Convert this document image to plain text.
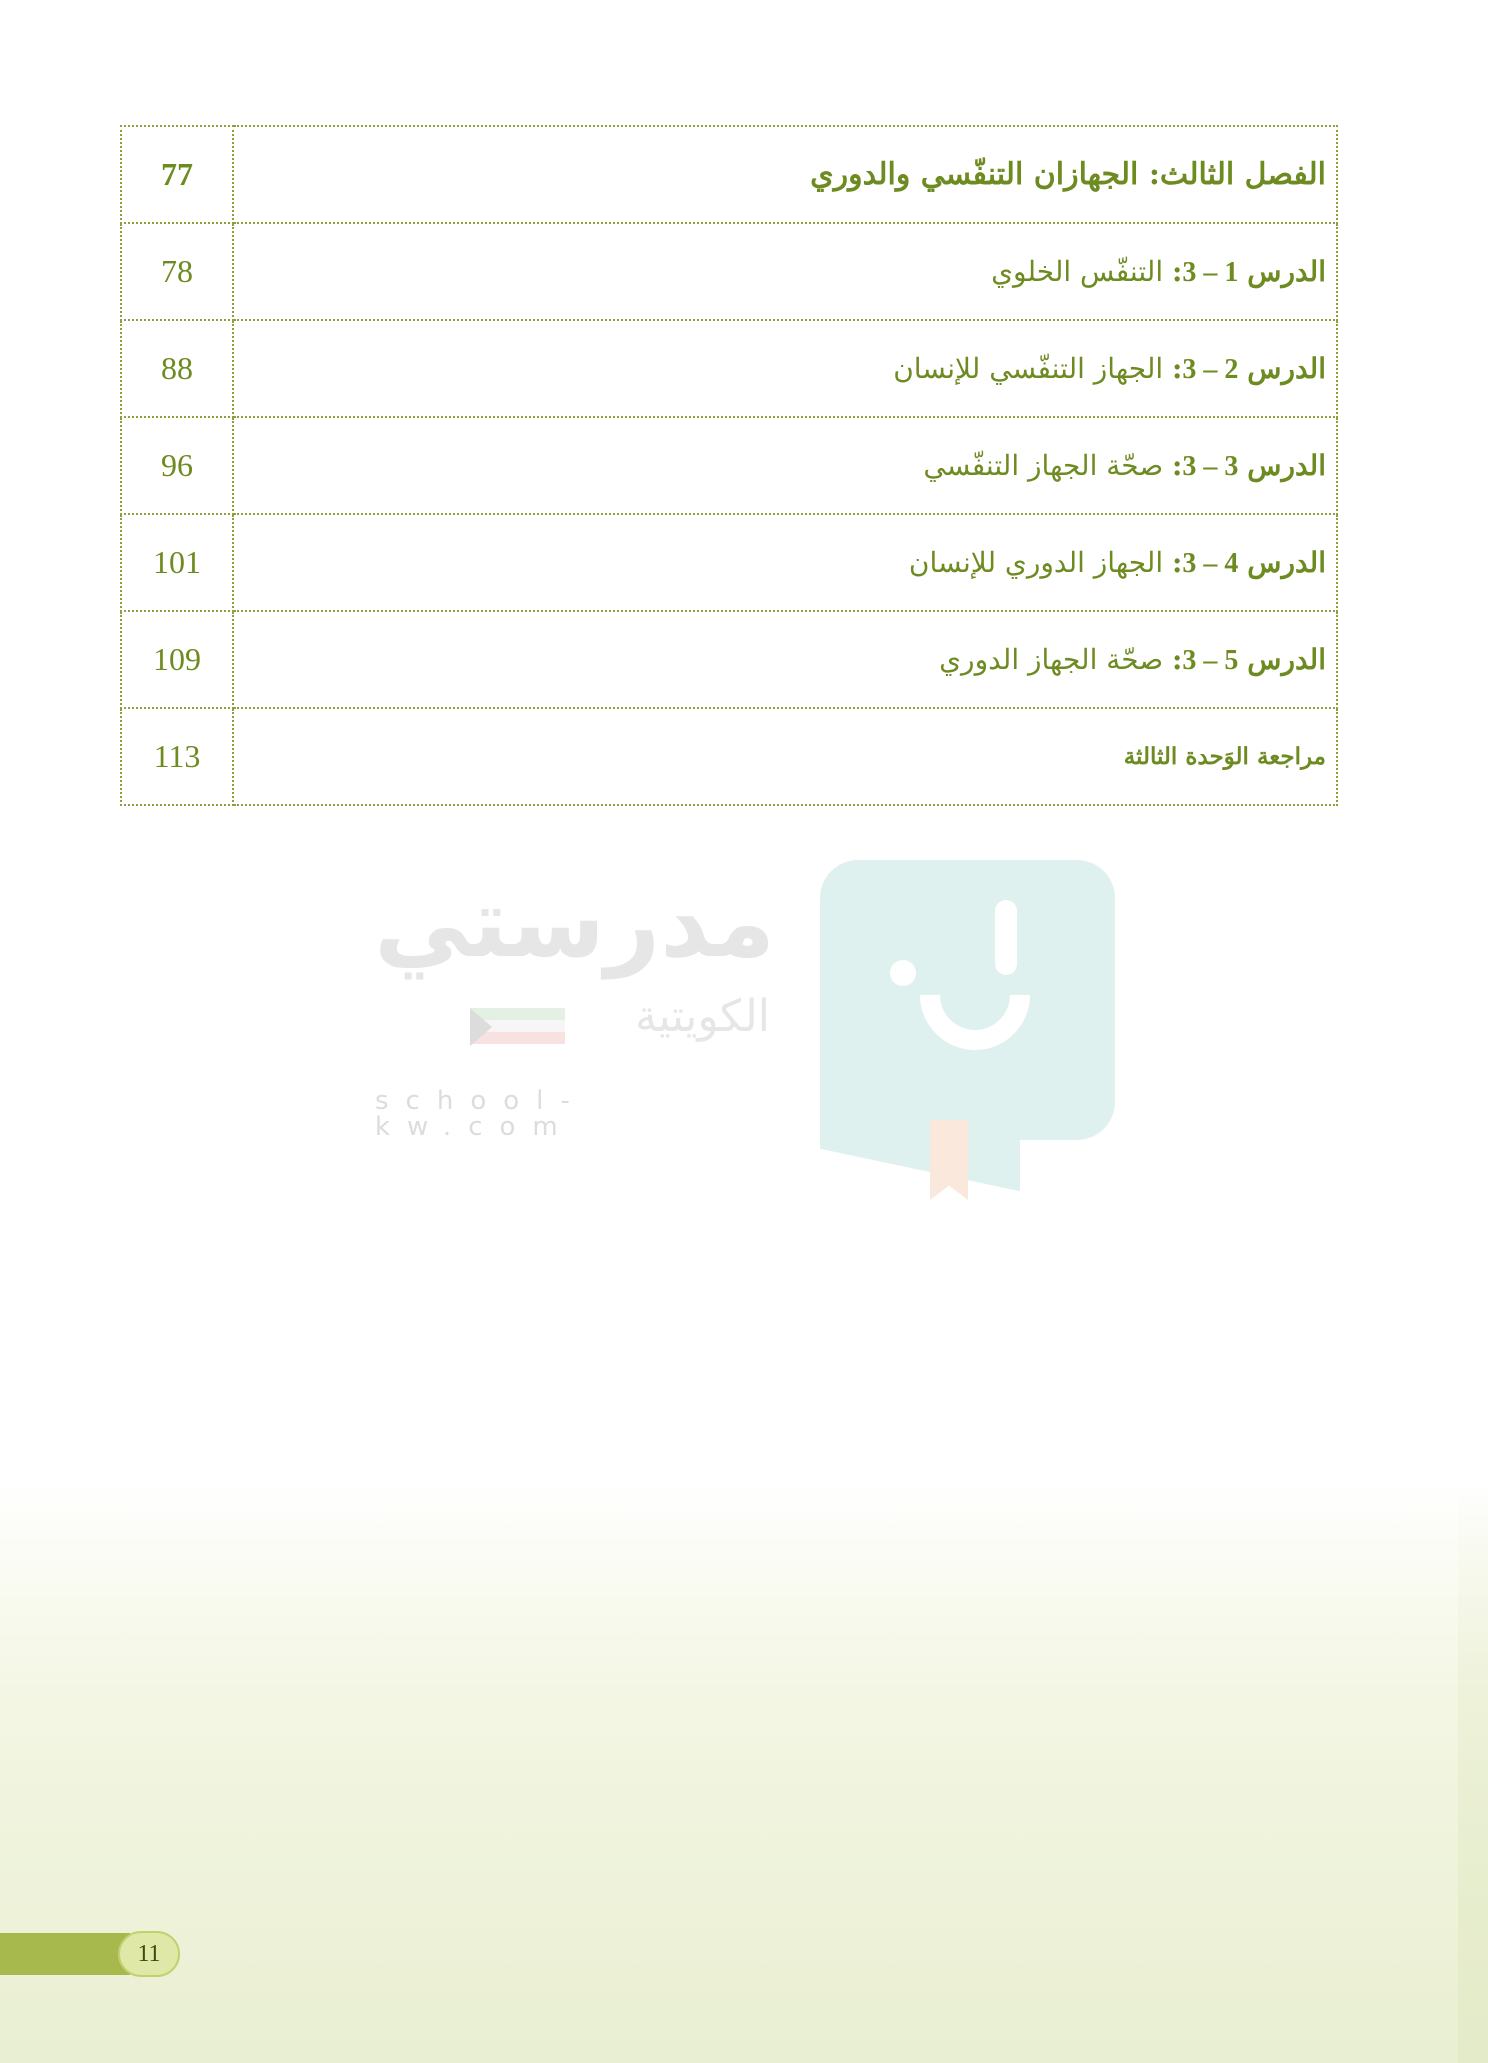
77	الفصل الثالث: الجهازان التنفّسي والدوري
78	الدرس 3 – 1: التنفّس الخلوي
88	الدرس 3 – 2: الجهاز التنفّسي للإنسان
96	الدرس 3 – 3: صحّة الجهاز التنفّسي
101	الدرس 3 – 4: الجهاز الدوري للإنسان
109	الدرس 3 – 5: صحّة الجهاز الدوري
113	مراجعة الوَحدة الثالثة
مدرستي
الكويتية
school-kw.com
11
